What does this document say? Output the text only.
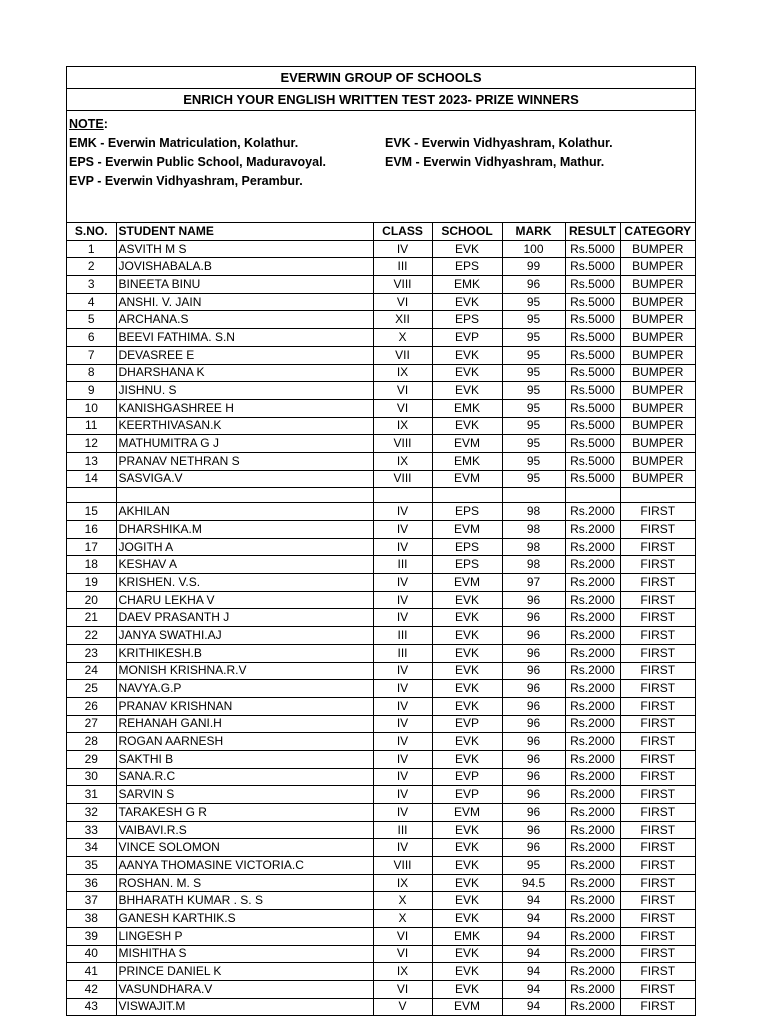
EVERWIN GROUP OF SCHOOLS
ENRICH YOUR ENGLISH WRITTEN TEST 2023- PRIZE WINNERS
NOTE:
EMK - Everwin Matriculation, Kolathur.	EVK - Everwin Vidhyashram, Kolathur.
EPS - Everwin Public School, Maduravoyal.	EVM - Everwin Vidhyashram, Mathur.
EVP - Everwin Vidhyashram, Perambur.
S.NO.	STUDENT NAME	CLASS	SCHOOL	MARK	RESULT	CATEGORY
1	ASVITH M S	IV	EVK	100	Rs.5000	BUMPER
2	JOVISHABALA.B	III	EPS	99	Rs.5000	BUMPER
3	BINEETA BINU	VIII	EMK	96	Rs.5000	BUMPER
4	ANSHI. V. JAIN	VI	EVK	95	Rs.5000	BUMPER
5	ARCHANA.S	XII	EPS	95	Rs.5000	BUMPER
6	BEEVI FATHIMA. S.N	X	EVP	95	Rs.5000	BUMPER
7	DEVASREE E	VII	EVK	95	Rs.5000	BUMPER
8	DHARSHANA K	IX	EVK	95	Rs.5000	BUMPER
9	JISHNU. S	VI	EVK	95	Rs.5000	BUMPER
10	KANISHGASHREE H	VI	EMK	95	Rs.5000	BUMPER
11	KEERTHIVASAN.K	IX	EVK	95	Rs.5000	BUMPER
12	MATHUMITRA G J	VIII	EVM	95	Rs.5000	BUMPER
13	PRANAV NETHRAN S	IX	EMK	95	Rs.5000	BUMPER
14	SASVIGA.V	VIII	EVM	95	Rs.5000	BUMPER

15	AKHILAN	IV	EPS	98	Rs.2000	FIRST
16	DHARSHIKA.M	IV	EVM	98	Rs.2000	FIRST
17	JOGITH A	IV	EPS	98	Rs.2000	FIRST
18	KESHAV A	III	EPS	98	Rs.2000	FIRST
19	KRISHEN. V.S.	IV	EVM	97	Rs.2000	FIRST
20	CHARU LEKHA V	IV	EVK	96	Rs.2000	FIRST
21	DAEV PRASANTH J	IV	EVK	96	Rs.2000	FIRST
22	JANYA SWATHI.AJ	III	EVK	96	Rs.2000	FIRST
23	KRITHIKESH.B	III	EVK	96	Rs.2000	FIRST
24	MONISH KRISHNA.R.V	IV	EVK	96	Rs.2000	FIRST
25	NAVYA.G.P	IV	EVK	96	Rs.2000	FIRST
26	PRANAV KRISHNAN	IV	EVK	96	Rs.2000	FIRST
27	REHANAH GANI.H	IV	EVP	96	Rs.2000	FIRST
28	ROGAN AARNESH	IV	EVK	96	Rs.2000	FIRST
29	SAKTHI B	IV	EVK	96	Rs.2000	FIRST
30	SANA.R.C	IV	EVP	96	Rs.2000	FIRST
31	SARVIN S	IV	EVP	96	Rs.2000	FIRST
32	TARAKESH G R	IV	EVM	96	Rs.2000	FIRST
33	VAIBAVI.R.S	III	EVK	96	Rs.2000	FIRST
34	VINCE SOLOMON	IV	EVK	96	Rs.2000	FIRST
35	AANYA THOMASINE VICTORIA.C	VIII	EVK	95	Rs.2000	FIRST
36	ROSHAN. M. S	IX	EVK	94.5	Rs.2000	FIRST
37	BHHARATH KUMAR . S. S	X	EVK	94	Rs.2000	FIRST
38	GANESH KARTHIK.S	X	EVK	94	Rs.2000	FIRST
39	LINGESH P	VI	EMK	94	Rs.2000	FIRST
40	MISHITHA S	VI	EVK	94	Rs.2000	FIRST
41	PRINCE DANIEL K	IX	EVK	94	Rs.2000	FIRST
42	VASUNDHARA.V	VI	EVK	94	Rs.2000	FIRST
43	VISWAJIT.M	V	EVM	94	Rs.2000	FIRST
